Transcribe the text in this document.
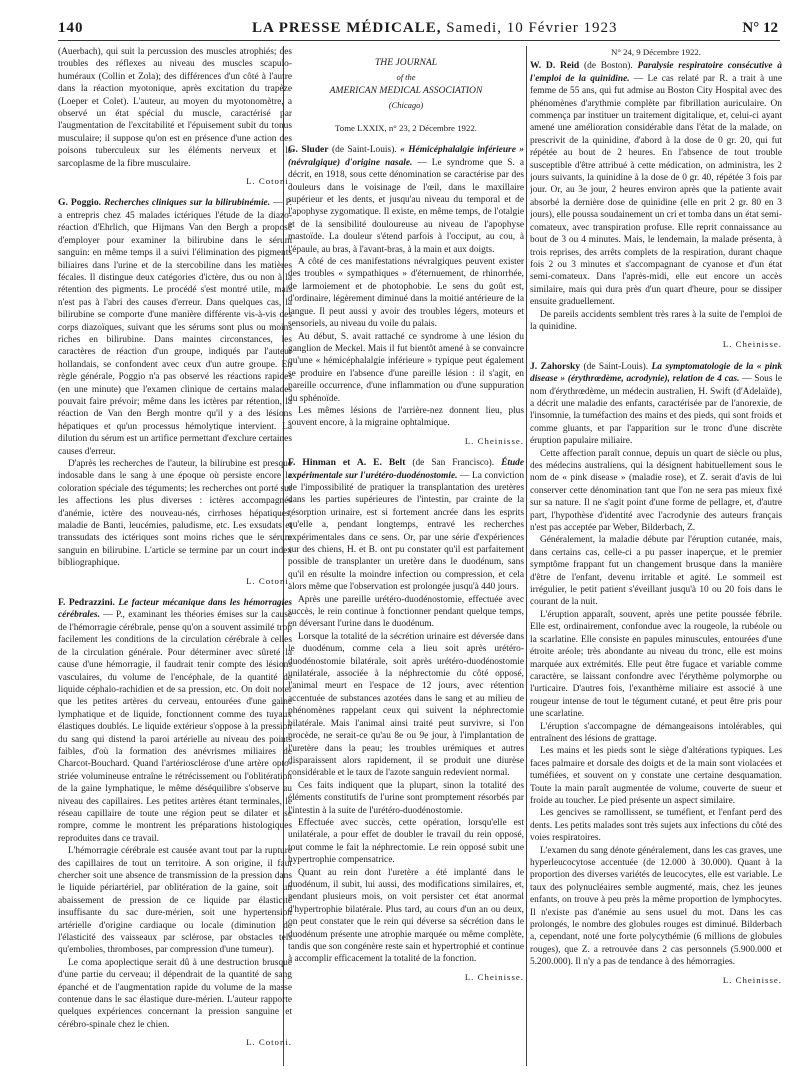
140	LA PRESSE MÉDICALE, Samedi, 10 Février 1923	N° 12

(Auerbach), qui suit la percussion des muscles atrophiés; des troubles des réflexes au niveau des muscles scapulo-huméraux (Collin et Zola); des différences d'un côté à l'autre dans la réaction myotonique, après excitation du trapèze (Loeper et Colet). L'auteur, au moyen du myotonomètre, a observé un état spécial du muscle, caractérisé par l'augmentation de l'excitabilité et l'épuisement subit du tonus musculaire; il suppose qu'on est en présence d'une action des poisons tuberculeux sur les éléments nerveux et le sarcoplasme de la fibre musculaire.

L. Cotoni.

G. Poggio. Recherches cliniques sur la bilirubinémie. — P. a entrepris chez 45 malades ictériques l'étude de la diazo-réaction d'Ehrlich, que Hijmans Van den Bergh a proposé d'employer pour examiner la bilirubine dans le sérum sanguin: en même temps il a suivi l'élimination des pigments biliaires dans l'urine et de la stercobiline dans les matières fécales. Il distingue deux catégories d'ictère, dus ou non à la rétention des pigments. Le procédé s'est montré utile, mais n'est pas à l'abri des causes d'erreur. Dans quelques cas, la bilirubine se comporte d'une manière différente vis-à-vis des corps diazoïques, suivant que les sérums sont plus ou moins riches en bilirubine. Dans maintes circonstances, les caractères de réaction d'un groupe, indiqués par l'auteur hollandais, se confondent avec ceux d'un autre groupe. En règle générale, Poggio n'a pas observé les réactions rapides (en une minute) que l'examen clinique de certains malades pouvait faire prévoir; même dans les ictères par rétention, la réaction de Van den Bergh montre qu'il y a des lésions hépatiques et qu'un processus hémolytique intervient. La dilution du sérum est un artifice permettant d'exclure certaines causes d'erreur.

D'après les recherches de l'auteur, la bilirubine est presque indosable dans le sang à une époque où persiste encore la coloration spéciale des téguments; les recherches ont porté sur les affections les plus diverses : ictères accompagnés d'anémie, ictère des nouveau-nés, cirrhoses hépatiques, maladie de Banti, leucémies, paludisme, etc. Les exsudats et transsudats des ictériques sont moins riches que le sérum sanguin en bilirubine. L'article se termine par un court index bibliographique.

L. Cotoni.

F. Pedrazzini. Le facteur mécanique dans les hémorragies cérébrales. — P., examinant les théories émises sur la cause de l'hémorragie cérébrale, pense qu'on a souvent assimilé trop facilement les conditions de la circulation cérébrale à celles de la circulation générale. Pour déterminer avec sûreté la cause d'une hémorragie, il faudrait tenir compte des lésions vasculaires, du volume de l'encéphale, de la quantité de liquide céphalo-rachidien et de sa pression, etc. On doit noter que les petites artères du cerveau, entourées d'une gaine lymphatique et de liquide, fonctionnent comme des tuyaux élastiques doublés. Le liquide extérieur s'oppose à la pression du sang qui distend la paroi artérielle au niveau des points faibles, d'où la formation des anévrismes miliaires de Charcot-Bouchard. Quand l'artériosclérose d'une artère opto-striée volumineuse entraîne le rétrécissement ou l'oblitération de la gaine lymphatique, le même déséquilibre s'observe au niveau des capillaires. Les petites artères étant terminales, le réseau capillaire de toute une région peut se dilater et se rompre, comme le montrent les préparations histologiques reproduites dans ce travail.

L'hémorragie cérébrale est causée avant tout par la rupture des capillaires de tout un territoire. A son origine, il faut chercher soit une absence de transmission de la pression dans le liquide périartériel, par oblitération de la gaine, soit un abaissement de pression de ce liquide par élasticité insuffisante du sac dure-mérien, soit une hypertension artérielle d'origine cardiaque ou locale (diminution de l'élasticité des vaisseaux par sclérose, par obstacles tels qu'embolies, thromboses, par compression d'une tumeur).

Le coma apoplectique serait dû à une destruction brusque d'une partie du cerveau; il dépendrait de la quantité de sang épanché et de l'augmentation rapide du volume de la masse contenue dans le sac élastique dure-mérien. L'auteur rapporte quelques expériences concernant la pression sanguine et cérébro-spinale chez le chien.

L. Cotoni.
THE JOURNAL
of the
AMERICAN MEDICAL ASSOCIATION
(Chicago)
Tome LXXIX, n° 23, 2 Décembre 1922.

G. Sluder (de Saint-Louis). « Hémicéphalalgie inférieure » (névralgique) d'origine nasale. — Le syndrome que S. a décrit, en 1918, sous cette dénomination se caractérise par des douleurs dans le voisinage de l'œil, dans le maxillaire supérieur et les dents, et jusqu'au niveau du temporal et de l'apophyse zygomatique. Il existe, en même temps, de l'otalgie et de la sensibilité douloureuse au niveau de l'apophyse mastoïde. La douleur s'étend parfois à l'occiput, au cou, à l'épaule, au bras, à l'avant-bras, à la main et aux doigts.

A côté de ces manifestations névralgiques peuvent exister des troubles « sympathiques » d'éternuement, de rhinorrhée, de larmoiement et de photophobie. Le sens du goût est, d'ordinaire, légèrement diminué dans la moitié antérieure de la langue. Il peut aussi y avoir des troubles légers, moteurs et sensoriels, au niveau du voile du palais.

Au début, S. avait rattaché ce syndrome à une lésion du ganglion de Meckel. Mais il fut bientôt amené à se convaincre qu'une « hémicéphalalgie inférieure » typique peut également se produire en l'absence d'une pareille lésion : il s'agit, en pareille occurrence, d'une inflammation ou d'une suppuration du sphénoïde.

Les mêmes lésions de l'arrière-nez donnent lieu, plus souvent encore, à la migraine ophtalmique.

L. Cheinisse.

F. Hinman et A. E. Belt (de San Francisco). Étude expérimentale sur l'urétéro-duodénostomie. — La conviction de l'impossibilité de pratiquer la transplantation des uretères dans les parties supérieures de l'intestin, par crainte de la résorption urinaire, est si fortement ancrée dans les esprits qu'elle a, pendant longtemps, entravé les recherches expérimentales dans ce sens. Or, par une série d'expériences sur des chiens, H. et B. ont pu constater qu'il est parfaitement possible de transplanter un uretère dans le duodénum, sans qu'il en résulte la moindre infection ou compression, et cela alors même que l'observation est prolongée jusqu'à 440 jours.

Après une pareille urétéro-duodénostomie, effectuée avec succès, le rein continue à fonctionner pendant quelque temps, en déversant l'urine dans le duodénum.

Lorsque la totalité de la sécrétion urinaire est déversée dans le duodénum, comme cela a lieu soit après urétéro-duodénostomie bilatérale, soit après urétéro-duodénostomie unilatérale, associée à la néphrectomie du côté opposé, l'animal meurt en l'espace de 12 jours, avec rétention accentuée de substances azotées dans le sang et au milieu de phénomènes rappelant ceux qui suivent la néphrectomie bilatérale. Mais l'animal ainsi traité peut survivre, si l'on procède, ne serait-ce qu'au 8e ou 9e jour, à l'implantation de l'uretère dans la peau; les troubles urémiques et autres disparaissent alors rapidement, il se produit une diurèse considérable et le taux de l'azote sanguin redevient normal.

Ces faits indiquent que la plupart, sinon la totalité des éléments constitutifs de l'urine sont promptement résorbés par l'intestin à la suite de l'urétéro-duodénostomie.

Effectuée avec succès, cette opération, lorsqu'elle est unilatérale, a pour effet de doubler le travail du rein opposé, tout comme le fait la néphrectomie. Le rein opposé subit une hypertrophie compensatrice.

Quant au rein dont l'uretère a été implanté dans le duodénum, il subit, lui aussi, des modifications similaires, et, pendant plusieurs mois, on voit persister cet état anormal d'hypertrophie bilatérale. Plus tard, au cours d'un an ou deux, on peut constater que le rein qui déverse sa sécrétion dans le duodénum présente une atrophie marquée ou même complète, tandis que son congénère reste sain et hypertrophié et continue à accomplir efficacement la totalité de la fonction.

L. Cheinisse.
N° 24, 9 Décembre 1922.

W. D. Reid (de Boston). Paralysie respiratoire consécutive à l'emploi de la quinidine. — Le cas relaté par R. a trait à une femme de 55 ans, qui fut admise au Boston City Hospital avec des phénomènes d'arythmie complète par fibrillation auriculaire. On commença par instituer un traitement digitalique, et, celui-ci ayant amené une amélioration considérable dans l'état de la malade, on prescrivit de la quinidine, d'abord à la dose de 0 gr. 20, qui fut répétée au bout de 2 heures. En l'absence de tout trouble susceptible d'être attribué à cette médication, on administra, les 2 jours suivants, la quinidine à la dose de 0 gr. 40, répétée 3 fois par jour. Or, au 3e jour, 2 heures environ après que la patiente avait absorbé la dernière dose de quinidine (elle en prit 2 gr. 80 en 3 jours), elle poussa soudainement un cri et tomba dans un état semi-comateux, avec transpiration profuse. Elle reprit connaissance au bout de 3 ou 4 minutes. Mais, le lendemain, la malade présenta, à trois reprises, des arrêts complets de la respiration, durant chaque fois 2 ou 3 minutes et s'accompagnant de cyanose et d'un état semi-comateux. Dans l'après-midi, elle eut encore un accès similaire, mais qui dura près d'un quart d'heure, pour se dissiper ensuite graduellement.

De pareils accidents semblent très rares à la suite de l'emploi de la quinidine.

L. Cheinisse.

J. Zahorsky (de Saint-Louis). La symptomatologie de la « pink disease » (érythrœdème, acrodynie), relation de 4 cas. — Sous le nom d'érythrœdème, un médecin australien, H. Swift (d'Adelaïde), a décrit une maladie des enfants, caractérisée par de l'anorexie, de l'insomnie, la tuméfaction des mains et des pieds, qui sont froids et comme gluants, et par l'apparition sur le tronc d'une discrète éruption papulaire miliaire.

Cette affection paraît connue, depuis un quart de siècle ou plus, des médecins australiens, qui la désignent habituellement sous le nom de « pink disease » (maladie rose), et Z. serait d'avis de lui conserver cette dénomination tant que l'on ne sera pas mieux fixé sur sa nature. Il ne s'agit point d'une forme de pellagre, et, d'autre part, l'hypothèse d'identité avec l'acrodynie des auteurs français n'est pas acceptée par Weber, Bilderbach, Z.

Généralement, la maladie débute par l'éruption cutanée, mais, dans certains cas, celle-ci a pu passer inaperçue, et le premier symptôme frappant fut un changement brusque dans la manière d'être de l'enfant, devenu irritable et agité. Le sommeil est irrégulier, le petit patient s'éveillant jusqu'à 10 ou 20 fois dans le courant de la nuit.

L'éruption apparaît, souvent, après une petite poussée fébrile. Elle est, ordinairement, confondue avec la rougeole, la rubéole ou la scarlatine. Elle consiste en papules minuscules, entourées d'une étroite aréole; très abondante au niveau du tronc, elle est moins marquée aux extrémités. Elle peut être fugace et variable comme caractère, se laissant confondre avec l'érythème polymorphe ou l'urticaire. D'autres fois, l'exanthème miliaire est associé à une rougeur intense de tout le tégument cutané, et peut être pris pour une scarlatine.

L'éruption s'accompagne de démangeaisons intolérables, qui entraînent des lésions de grattage.

Les mains et les pieds sont le siège d'altérations typiques. Les faces palmaire et dorsale des doigts et de la main sont violacées et tuméfiées, et souvent on y constate une certaine desquamation. Toute la main paraît augmentée de volume, couverte de sueur et froide au toucher. Le pied présente un aspect similaire.

Les gencives se ramollissent, se tuméfient, et l'enfant perd des dents. Les petits malades sont très sujets aux infections du côté des voies respiratoires.

L'examen du sang dénote généralement, dans les cas graves, une hyperleucocytose accentuée (de 12.000 à 30.000). Quant à la proportion des diverses variétés de leucocytes, elle est variable. Le taux des polynucléaires semble augmenté, mais, chez les jeunes enfants, on trouve à peu près la même proportion de lymphocytes. Il n'existe pas d'anémie au sens usuel du mot. Dans les cas prolongés, le nombre des globules rouges est diminué. Bilderbach a, cependant, noté une forte polycythémie (6 millions de globules rouges), que Z. a retrouvée dans 2 cas personnels (5.900.000 et 5.200.000). Il n'y a pas de tendance à des hémorragies.

L. Cheinisse.
